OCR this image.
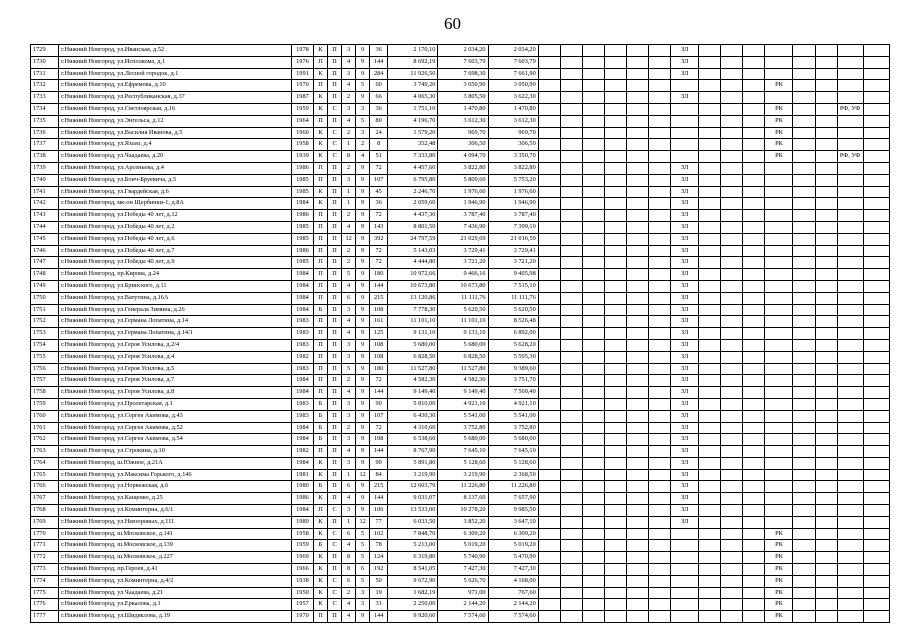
60
1729	г.Нижний Новгород, ул.Иванская, д.52	1978	К	П	3	9	36	2 170,10	2 034,20	2 034,20							ЗЛ								
1730	г.Нижний Новгород, ул.Исполкома, д.1	1976	П	П	4	9	144	8 692,19	7 603,79	7 603,79							ЗЛ								
1731	г.Нижний Новгород, ул.Лесной городок, д.1	1991	К	П	3	9	284	11 926,50	7 698,30	7 661,90							ЗЛ								
1732	г.Нижний Новгород, ул.Ефремова, д.10	1970	П	П	4	5	60	3 749,20	3 050,90	3 050,90											РК				
1733	г.Нижний Новгород, ул.Республиканская, д.37	1987	К	П	2	9	66	4 065,30	3 805,50	3 622,30							ЗЛ								
1734	г.Нижний Новгород, ул.Светлоярская, д.16	1959	К	С	3	3	36	1 751,10	1 470,80	1 470,80											РК			РФ, УФ	
1735	г.Нижний Новгород, ул.Энгельса, д.12	1964	П	П	4	5	80	4 196,70	3 612,30	3 612,30											РК				
1736	г.Нижний Новгород, ул.Василия Иванова, д.5	1960	К	С	2	3	24	1 579,20	969,70	969,70											РК				
1737	г.Нижний Новгород, ул.Яхьяз, д.4	1958	К	С	1	2	8	352,48	306,50	306,50											РК				
1738	г.Нижний Новгород, ул.Чаадаева, д.20	1939	К	С	8	4	51	7 333,80	4 094,70	3 350,70											РК			РФ, УФ	
1739	г.Нижний Новгород, ул.Арсеньева, д.4	1986	П	П	2	9	72	4 457,60	3 822,80	3 822,80							ЗЛ								
1740	г.Нижний Новгород, ул.Бонч-Бруевича, д.5	1985	П	П	3	9	107	6 795,80	5 809,60	5 753,20							ЗЛ								
1741	г.Нижний Новгород, ул.Гвардейская, д.6	1985	К	П	1	9	45	2 246,70	1 976,60	1 976,60							ЗЛ								
1742	г.Нижний Новгород, мк-он Щербинки-1, д.8А	1984	К	П	1	9	36	2 059,60	1 946,90	1 946,90							ЗЛ								
1743	г.Нижний Новгород, ул.Победы 40 лет, д.12	1986	П	П	2	9	72	4 437,30	3 787,40	3 787,40							ЗЛ								
1744	г.Нижний Новгород, ул.Победы 40 лет, д.2	1985	П	П	4	9	143	8 801,50	7 436,90	7 399,10							ЗЛ								
1745	г.Нижний Новгород, ул.Победы 40 лет, д.6	1985	П	П	12	9	392	24 797,59	21 029,69	21 016,59							ЗЛ								
1746	г.Нижний Новгород, ул.Победы 40 лет, д.7	1986	П	П	2	9	72	5 143,03	3 729,41	3 729,41							ЗЛ								
1747	г.Нижний Новгород, ул.Победы 40 лет, д.9	1985	П	П	2	9	72	4 444,80	3 721,20	3 721,20							ЗЛ								
1748	г.Нижний Новгород, пр.Кирова, д.24	1984	П	П	5	9	180	10 972,66	9 466,16	9 405,98							ЗЛ								
1749	г.Нижний Новгород, ул.Бринского, д.11	1984	П	П	4	9	144	10 673,80	10 673,80	7 515,10							ЗЛ								
1750	г.Нижний Новгород, ул.Ватутина, д.16А	1984	П	П	6	9	215	13 120,86	11 111,76	11 111,76							ЗЛ								
1751	г.Нижний Новгород, ул.Генерала Зимина, д.26	1984	Б	П	3	9	108	7 778,30	5 620,50	5 620,50							ЗЛ								
1752	г.Нижний Новгород, ул.Германа Лопатина, д.14	1983	П	П	4	9	161	11 101,10	11 101,10	8 526,48							ЗЛ								
1753	г.Нижний Новгород, ул.Германа Лопатина, д.14/1	1983	П	П	4	9	125	9 131,10	9 131,10	6 892,00							ЗЛ								
1754	г.Нижний Новгород, ул.Героя Усилова, д.2/4	1983	П	П	3	9	108	5 680,00	5 680,00	5 628,20							ЗЛ								
1755	г.Нижний Новгород, ул.Героя Усилова, д.4	1982	П	П	3	9	108	6 828,50	6 828,50	5 595,30							ЗЛ								
1756	г.Нижний Новгород, ул.Героя Усилова, д.5	1983	П	П	5	9	180	11 527,80	11 527,80	9 389,60							ЗЛ								
1757	г.Нижний Новгород, ул.Героя Усилова, д.7	1984	П	П	2	9	72	4 582,30	4 582,30	3 751,70							ЗЛ								
1758	г.Нижний Новгород, ул.Героя Усилова, д.8	1984	П	П	4	9	144	9 149,40	9 149,40	7 560,40							ЗЛ								
1759	г.Нижний Новгород, ул.Пролетарская, д.1	1983	Б	П	3	9	90	5 810,00	4 921,10	4 921,10							ЗЛ								
1760	г.Нижний Новгород, ул.Сергея Акимова, д.43	1983	Б	П	3	9	107	6 430,30	5 541,00	5 541,00							ЗЛ								
1761	г.Нижний Новгород, ул.Сергея Акимова, д.52	1984	Б	П	2	9	72	4 310,60	3 752,80	3 752,80							ЗЛ								
1762	г.Нижний Новгород, ул.Сергея Акимова, д.54	1984	Б	П	3	9	108	6 538,60	5 680,00	5 680,00							ЗЛ								
1763	г.Нижний Новгород, ул.Строкина, д.10	1982	П	П	4	9	144	8 767,90	7 645,10	7 645,10							ЗЛ								
1764	г.Нижний Новгород, ш.Южное, д.21А	1984	К	П	3	9	90	5 891,80	5 128,60	5 128,60							ЗЛ								
1765	г.Нижний Новгород, ул.Максима Горького, д.146	1981	К	П	1	12	84	3 219,90	3 219,90	2 368,50							ЗЛ								
1766	г.Нижний Новгород, ул.Норвежская, д.6	1980	Б	П	6	9	215	12 603,79	11 226,80	11 226,80							ЗЛ								
1767	г.Нижний Новгород, ул.Кащенко, д.25	1986	К	П	4	9	144	9 031,07	8 137,60	7 657,90							ЗЛ								
1768	г.Нижний Новгород, ул.Коминтерна, д.6/1	1984	П	С	3	9	106	13 533,00	10 278,20	9 985,50							ЗЛ								
1769	г.Нижний Новгород, ул.Невзоровых, д.111	1980	К	П	1	12	77	6 033,50	3 852,20	3 647,10							ЗЛ								
1770	г.Нижний Новгород, ш.Московское, д.141	1958	К	С	6	5	102	7 848,70	6 309,20	6 309,20											РК				
1771	г.Нижний Новгород, ш.Московское, д.139	1959	Б	С	4	5	78	5 213,00	5 019,20	5 019,20											РК				
1772	г.Нижний Новгород, ш.Московское, д.227	1969	К	П	8	5	124	6 319,80	5 740,90	5 470,90											РК				
1773	г.Нижний Новгород, пр.Героев, д.41	1966	К	П	8	6	192	8 541,05	7 427,30	7 427,30											РК				
1774	г.Нижний Новгород, ул.Коминтерна, д.4/2	1938	К	С	6	5	50	9 672,90	5 626,70	4 168,00											РК				
1775	г.Нижний Новгород, ул.Чаадаева, д.21	1950	К	С	2	3	19	1 682,19	971,00	767,60											РК				
1776	г.Нижний Новгород, ул.Еркалова, д.1	1957	К	С	4	3	31	2 250,00	2 144,20	2 144,20											РК				
1777	г.Нижний Новгород, ул.Шидяклова, д.19	1970	П	П	4	9	144	9 920,60	7 574,60	7 574,60											РК				
